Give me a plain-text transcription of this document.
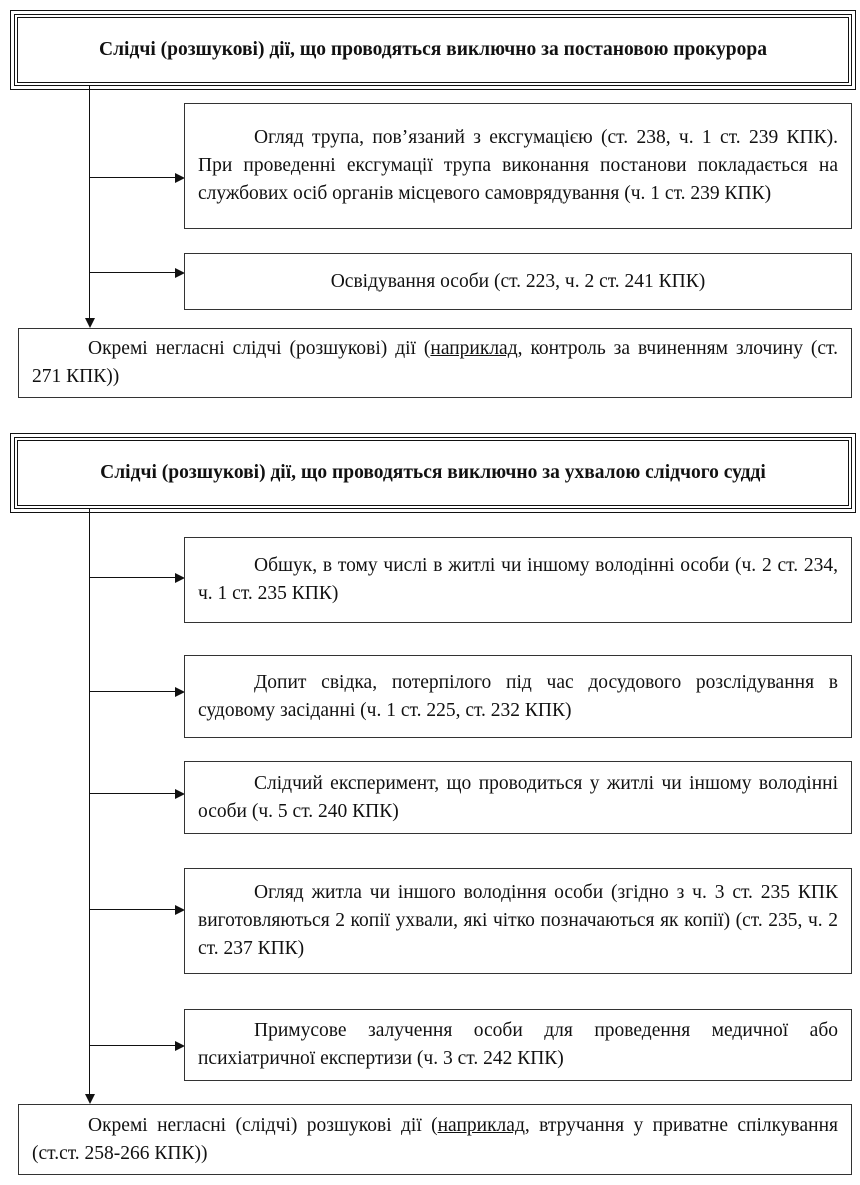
Слідчі (розшукові) дії, що проводяться виключно за постановою прокурора

Огляд трупа, пов’язаний з ексгумацією (ст. 238, ч. 1 ст. 239 КПК). При проведенні ексгумації трупа виконання постанови покладається на службових осіб органів місцевого самоврядування (ч. 1 ст. 239 КПК)

Освідування особи (ст. 223, ч. 2 ст. 241 КПК)

Окремі негласні слідчі (розшукові) дії (наприклад, контроль за вчиненням злочину (ст. 271 КПК))

Слідчі (розшукові) дії, що проводяться виключно за ухвалою слідчого судді

Обшук, в тому числі в житлі чи іншому володінні особи (ч. 2 ст. 234, ч. 1 ст. 235 КПК)

Допит свідка, потерпілого під час досудового розслідування в судовому засіданні (ч. 1 ст. 225, ст. 232 КПК)

Слідчий експеримент, що проводиться у житлі чи іншому володінні особи (ч. 5 ст. 240 КПК)

Огляд житла чи іншого володіння особи (згідно з ч. 3 ст. 235 КПК виготовляються 2 копії ухвали, які чітко позначаються як копії) (ст. 235, ч. 2 ст. 237 КПК)

Примусове залучення особи для проведення медичної або психіатричної експертизи (ч. 3 ст. 242 КПК)

Окремі негласні (слідчі) розшукові дії (наприклад, втручання у приватне спілкування (ст.ст. 258-266 КПК))
